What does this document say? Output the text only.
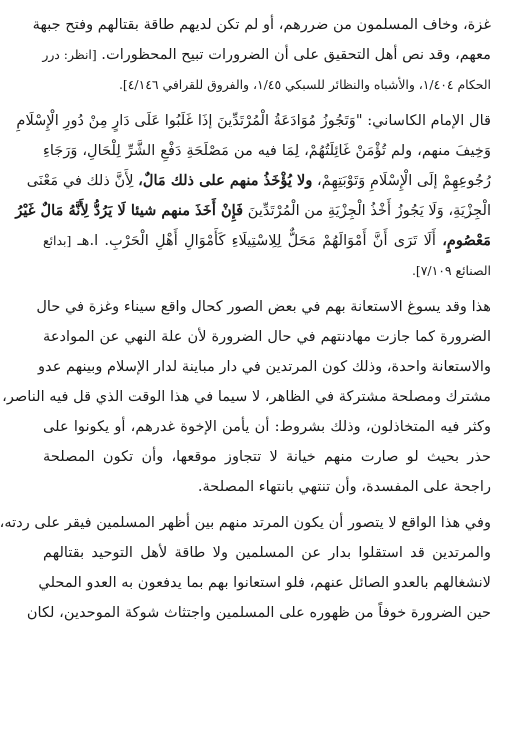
غزة، وخاف المسلمون من ضررهم، أو لم تكن لديهم طاقة بقتالهم وفتح جبهة
معهم، وقد نص أهل التحقيق على أن الضرورات تبيح المحظورات. [انظر: درر
الحكام ١/٤٠٤، والأشباه والنظائر للسبكي ١/٤٥، والفروق للقرافي ٤/١٤٦].
قال الإمام الكاساني: "وَتَجُوزُ مُوَادَعَةُ الْمُرْتَدِّينَ إذَا غَلَبُوا عَلَى دَارٍ مِنْ دُورِ الْإِسْلَامِ
وَخِيفَ منهم، ولم تُؤْمَنْ غَائِلَتُهُمْ، لِمَا فيه من مَصْلَحَةِ دَفْعِ الشَّرِّ لِلْحَالِ، وَرَجَاءِ
رُجُوعِهِمْ إلَى الْإِسْلَامِ وَتَوْبَتِهِمْ، ولا يُؤْخَذُ منهم على ذلك مَالٌ، لِأَنَّ ذلك في مَعْنَى
الْجِزْيَةِ، وَلَا يَجُوزُ أَخْذُ الْجِزْيَةِ من الْمُرْتَدِّينَ فَإِنْ أَخَذَ منهم شيئا لَا يَرُدُّ لِأَنَّهُ مَالٌ غَيْرُ
مَعْصُومٍ، أَلَا تَرَى أَنَّ أَمْوَالَهُمْ مَحَلٌّ لِلِاسْتِيلَاءِ كَأَمْوَالِ أَهْلِ الْحَرْبِ. ا.هـ [بدائع
الصنائع ٧/١٠٩].
هذا وقد يسوغ الاستعانة بهم في بعض الصور كحال واقع سيناء وغزة في حال
الضرورة كما جازت مهادنتهم في حال الضرورة لأن علة النهي عن الموادعة
والاستعانة واحدة، وذلك كون المرتدين في دار مباينة لدار الإسلام وبينهم عدو
مشترك ومصلحة مشتركة في الظاهر، لا سيما في هذا الوقت الذي قل فيه الناصر،
وكثر فيه المتخاذلون، وذلك بشروط: أن يأمن الإخوة غدرهم، أو يكونوا على
حذر بحيث لو صارت منهم خيانة لا تتجاوز موقعها، وأن تكون المصلحة
راجحة على المفسدة، وأن تنتهي بانتهاء المصلحة.
وفي هذا الواقع لا يتصور أن يكون المرتد منهم بين أظهر المسلمين فيقر على ردته،
والمرتدين قد استقلوا بدار عن المسلمين ولا طاقة لأهل التوحيد بقتالهم
لانشغالهم بالعدو الصائل عنهم، فلو استعانوا بهم بما يدفعون به العدو المحلي
حين الضرورة خوفاً من ظهوره على المسلمين واجتثاث شوكة الموحدين، لكان
